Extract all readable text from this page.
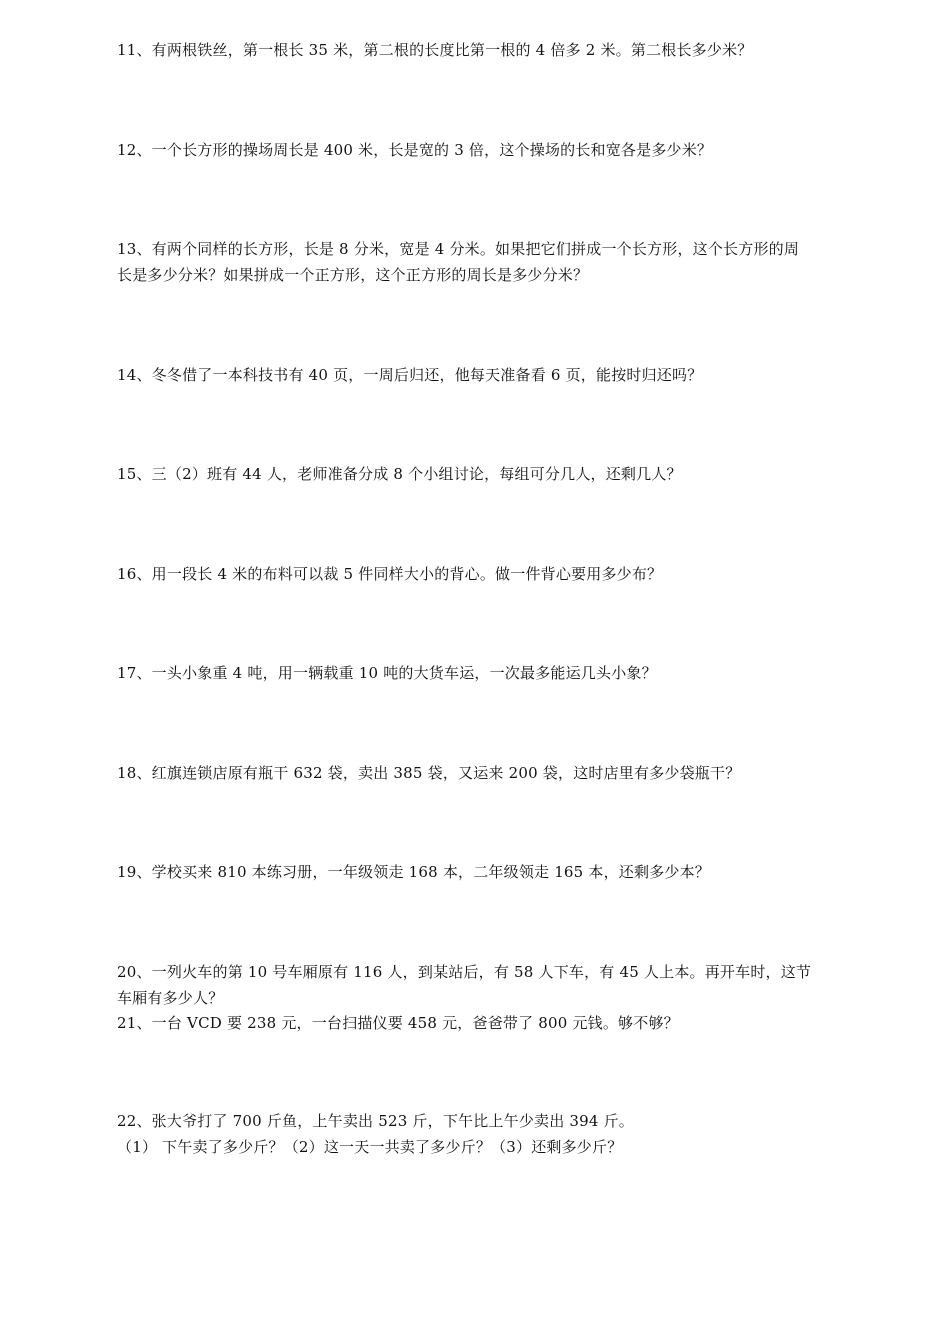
11、有两根铁丝，第一根长 35 米，第二根的长度比第一根的 4 倍多 2 米。第二根长多少米？
12、一个长方形的操场周长是 400 米，长是宽的 3 倍，这个操场的长和宽各是多少米？
13、有两个同样的长方形，长是 8 分米，宽是 4 分米。如果把它们拼成一个长方形，这个长方形的周
长是多少分米？如果拼成一个正方形，这个正方形的周长是多少分米？
14、冬冬借了一本科技书有 40 页，一周后归还，他每天准备看 6 页，能按时归还吗？
15、三（2）班有 44 人，老师准备分成 8 个小组讨论，每组可分几人，还剩几人？
16、用一段长 4 米的布料可以裁 5 件同样大小的背心。做一件背心要用多少布？
17、一头小象重 4 吨，用一辆载重 10 吨的大货车运，一次最多能运几头小象？
18、红旗连锁店原有瓶干 632 袋，卖出 385 袋，又运来 200 袋，这时店里有多少袋瓶干？
19、学校买来 810 本练习册，一年级领走 168 本，二年级领走 165 本，还剩多少本？
20、一列火车的第 10 号车厢原有 116 人，到某站后，有 58 人下车，有 45 人上本。再开车时，这节
车厢有多少人？
21、一台 VCD 要 238 元，一台扫描仪要 458 元，爸爸带了 800 元钱。够不够？
22、张大爷打了 700 斤鱼，上午卖出 523 斤，下午比上午少卖出 394 斤。
（1） 下午卖了多少斤？（2）这一天一共卖了多少斤？（3）还剩多少斤？
